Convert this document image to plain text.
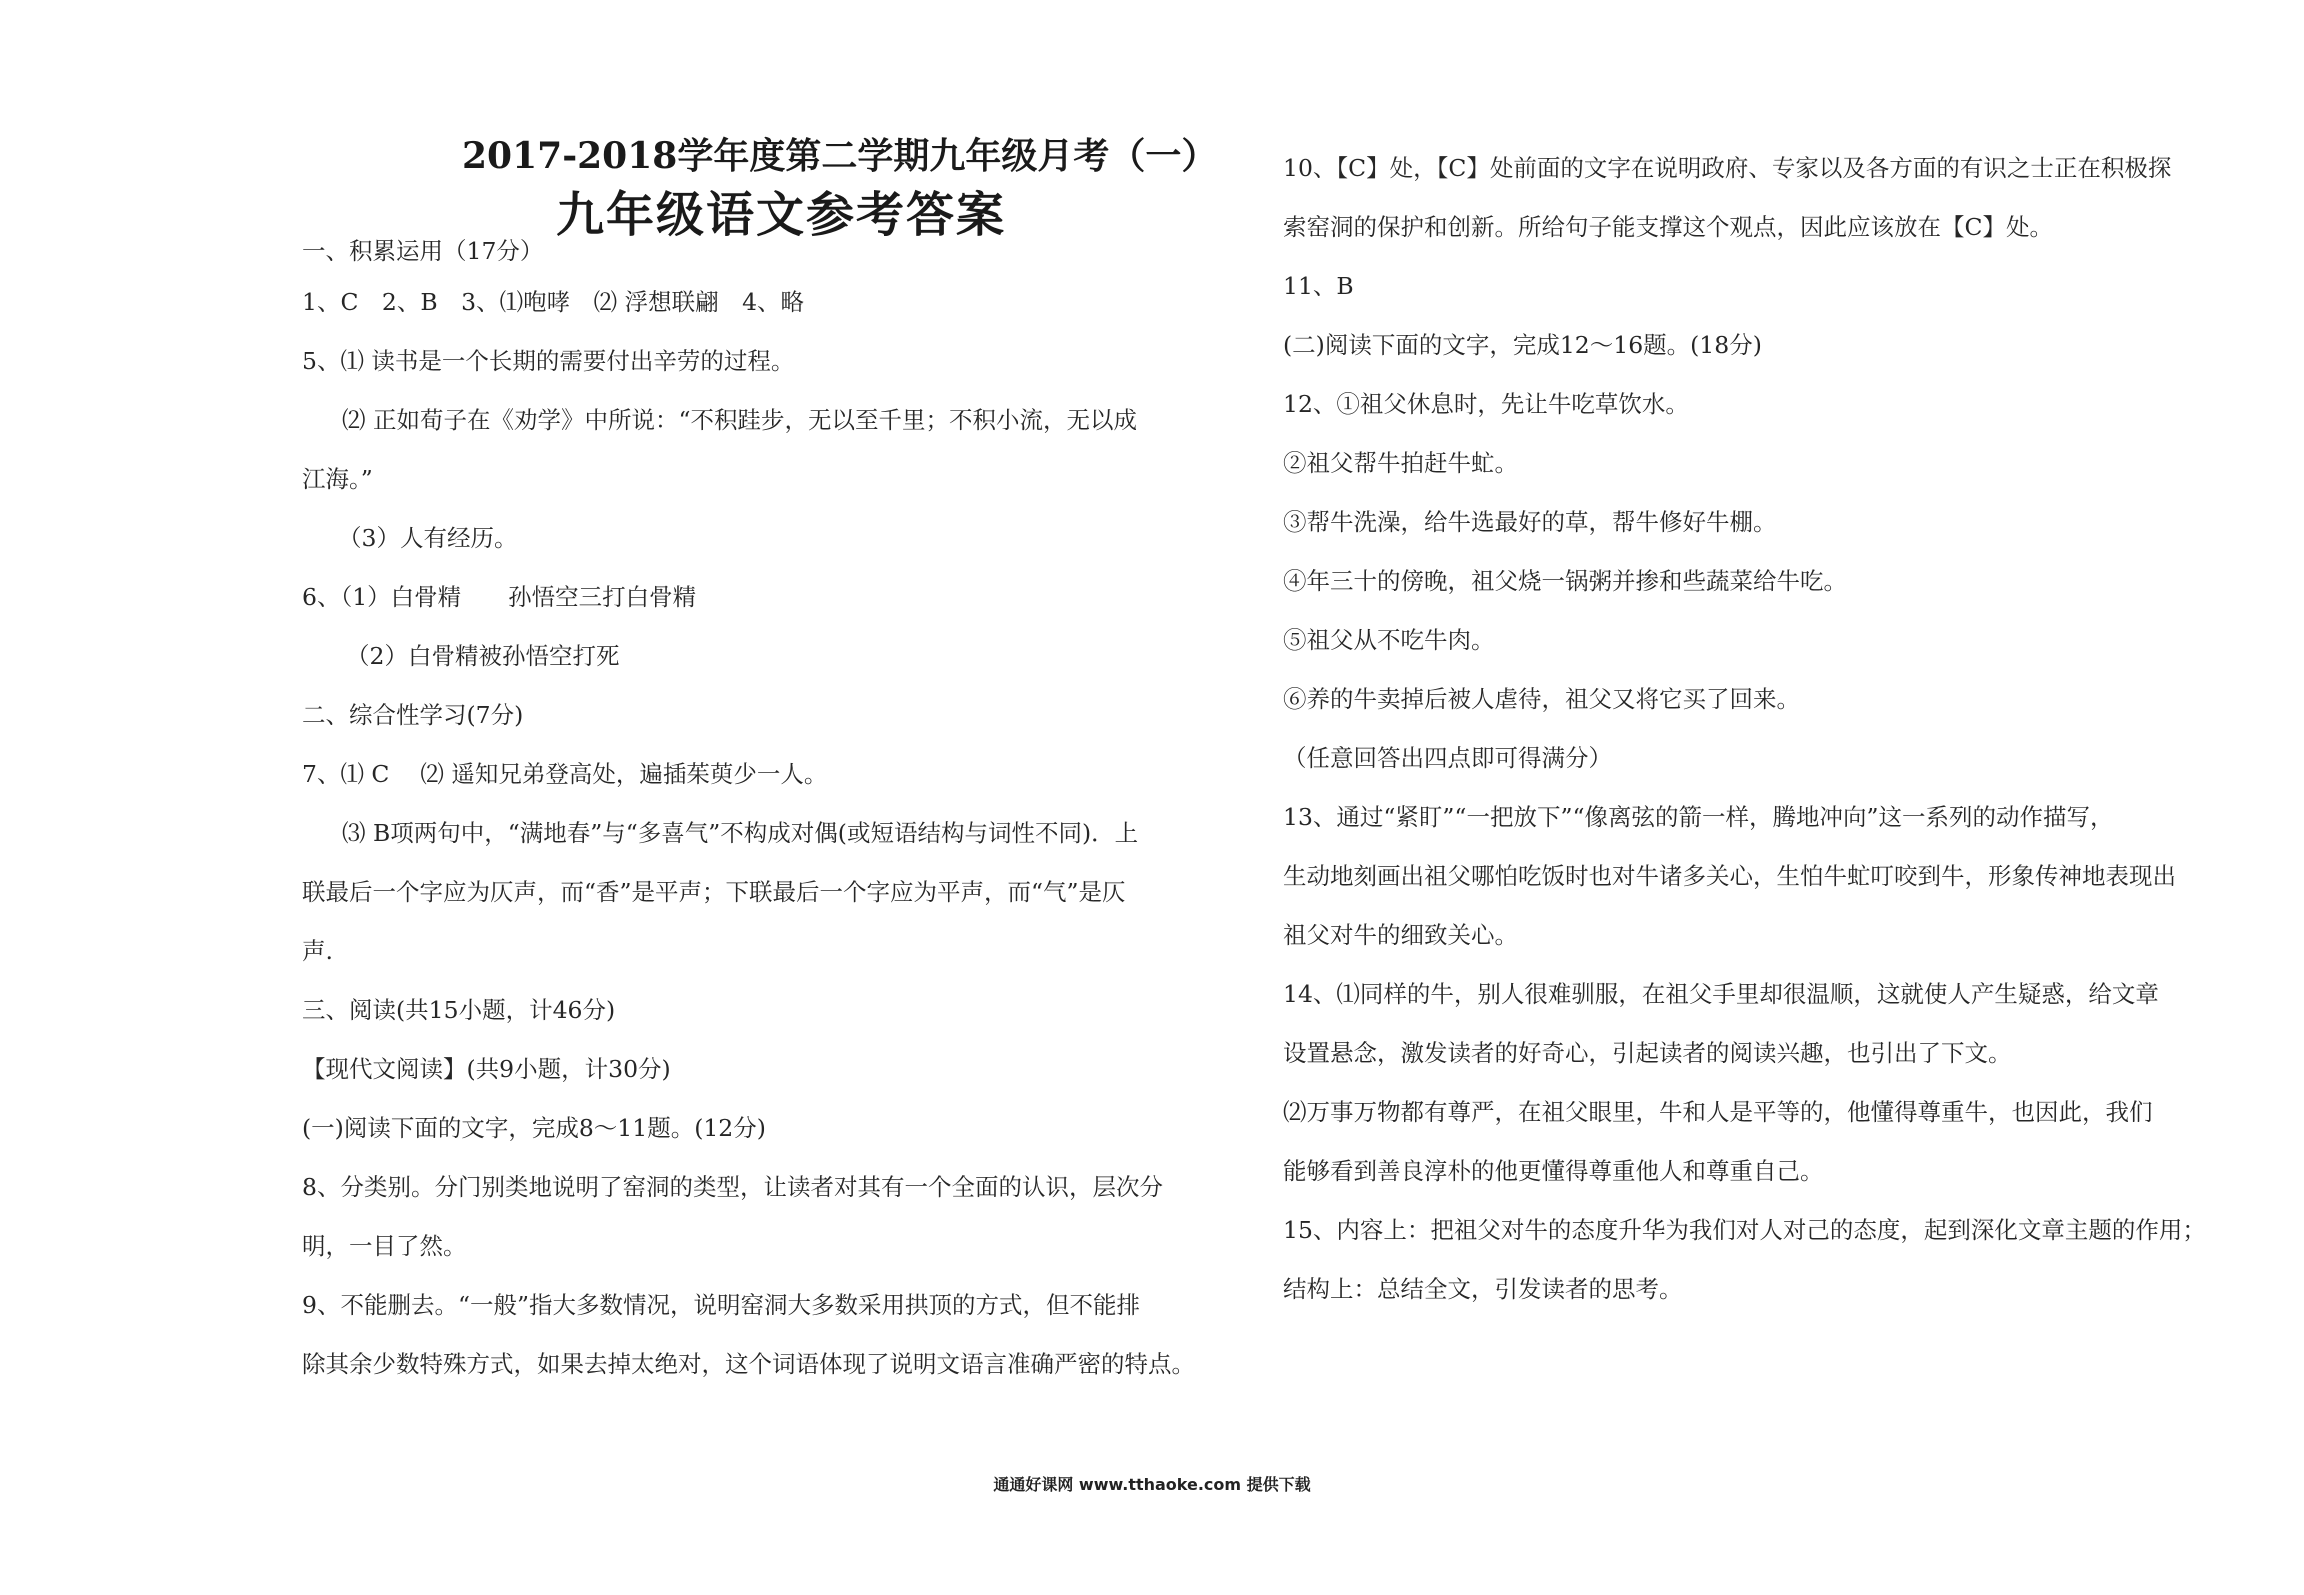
2017-2018学年度第二学期九年级月考（一）
九年级语文参考答案
一、积累运用（17分）
1、C　2、B　3、⑴咆哮　⑵ 浮想联翩　4、略
5、⑴ 读书是一个长期的需要付出辛劳的过程。
⑵ 正如荀子在《劝学》中所说：“不积跬步，无以至千里；不积小流，无以成
江海。”
（3）人有经历。
6、（1）白骨精　　孙悟空三打白骨精
（2）白骨精被孙悟空打死
二、综合性学习(7分)
7、⑴ C　 ⑵ 遥知兄弟登高处，遍插茱萸少一人。
⑶ B项两句中，“满地春”与“多喜气”不构成对偶(或短语结构与词性不同)．上
联最后一个字应为仄声，而“香”是平声；下联最后一个字应为平声，而“气”是仄
声.
三、阅读(共15小题，计46分)
【现代文阅读】(共9小题，计30分)
(一)阅读下面的文字，完成8～11题。(12分)
8、分类别。分门别类地说明了窑洞的类型，让读者对其有一个全面的认识，层次分
明，一目了然。
9、不能删去。“一般”指大多数情况，说明窑洞大多数采用拱顶的方式，但不能排
除其余少数特殊方式，如果去掉太绝对，这个词语体现了说明文语言准确严密的特点。
10、【C】处，【C】处前面的文字在说明政府、专家以及各方面的有识之士正在积极探
索窑洞的保护和创新。所给句子能支撑这个观点，因此应该放在【C】处。
11、B
(二)阅读下面的文字，完成12～16题。(18分)
12、①祖父休息时，先让牛吃草饮水。
②祖父帮牛拍赶牛虻。
③帮牛洗澡，给牛选最好的草，帮牛修好牛棚。
④年三十的傍晚，祖父烧一锅粥并掺和些蔬菜给牛吃。
⑤祖父从不吃牛肉。
⑥养的牛卖掉后被人虐待，祖父又将它买了回来。
（任意回答出四点即可得满分）
13、通过“紧盯”“一把放下”“像离弦的箭一样，腾地冲向”这一系列的动作描写，
生动地刻画出祖父哪怕吃饭时也对牛诸多关心，生怕牛虻叮咬到牛，形象传神地表现出
祖父对牛的细致关心。
14、⑴同样的牛，别人很难驯服，在祖父手里却很温顺，这就使人产生疑惑，给文章
设置悬念，激发读者的好奇心，引起读者的阅读兴趣，也引出了下文。
⑵万事万物都有尊严，在祖父眼里，牛和人是平等的，他懂得尊重牛，也因此，我们
能够看到善良淳朴的他更懂得尊重他人和尊重自己。
15、内容上：把祖父对牛的态度升华为我们对人对己的态度，起到深化文章主题的作用；
结构上：总结全文，引发读者的思考。
通通好课网 www.tthaoke.com 提供下载
